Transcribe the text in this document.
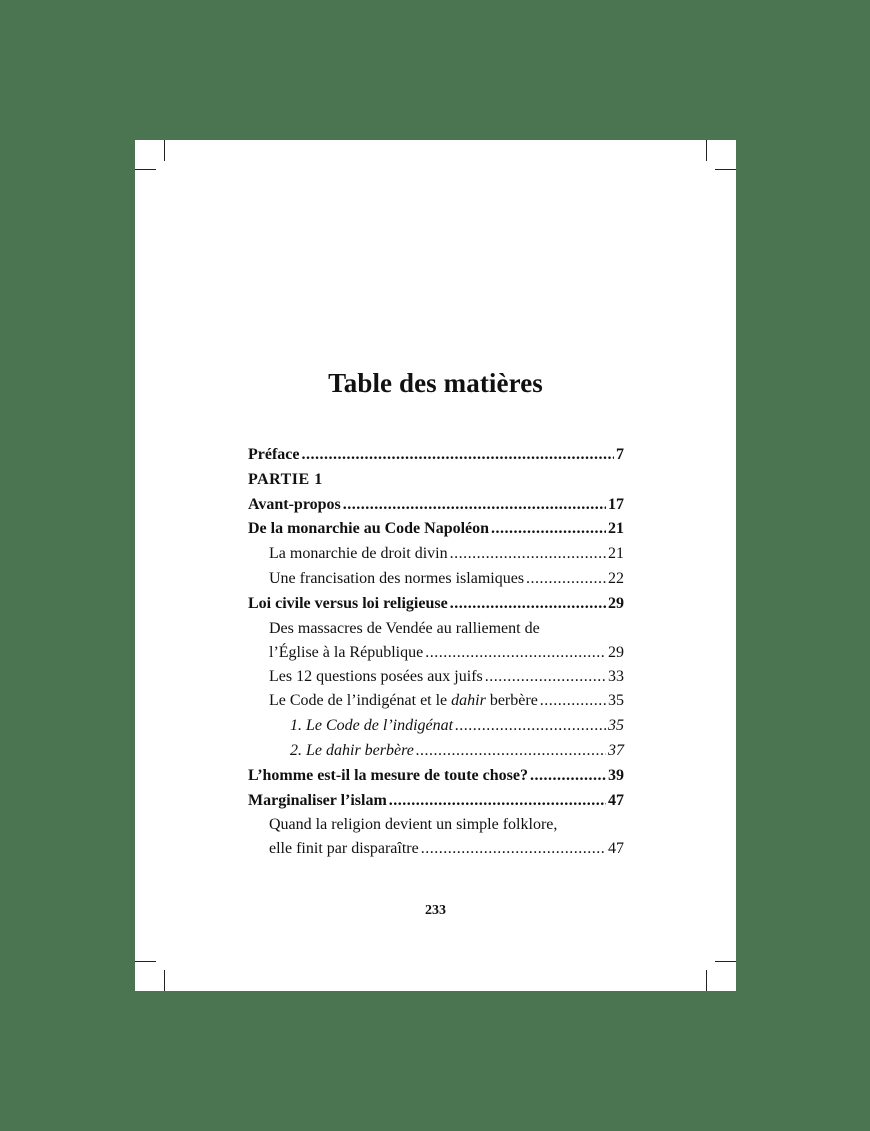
Table des matières
Préface .....	7
PARTIE 1
Avant-propos .....	17
De la monarchie au Code Napoléon .....	21
La monarchie de droit divin .....	21
Une francisation des normes islamiques .....	22
Loi civile versus loi religieuse .....	29
Des massacres de Vendée au ralliement de
l’Église à la République .....	29
Les 12 questions posées aux juifs .....	33
Le Code de l’indigénat et le dahir berbère .....	35
1. Le Code de l’indigénat .....	35
2. Le dahir berbère .....	37
L’homme est-il la mesure de toute chose? .....	39
Marginaliser l’islam .....	47
Quand la religion devient un simple folklore,
elle finit par disparaître .....	47
233
